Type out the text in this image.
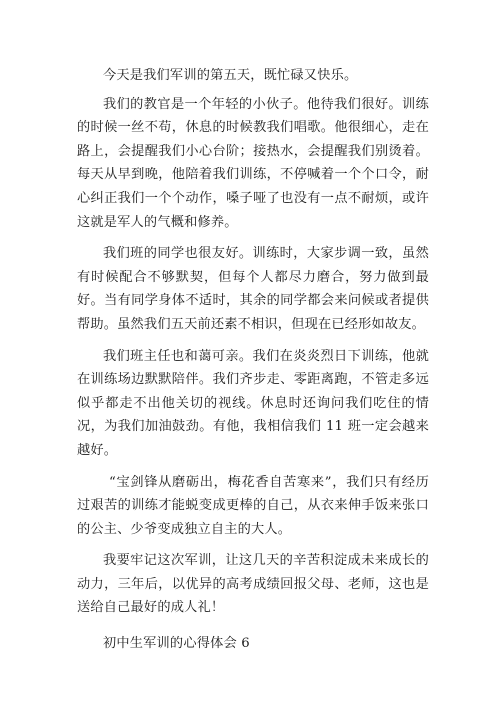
今天是我们军训的第五天，既忙碌又快乐。

我们的教官是一个年轻的小伙子。他待我们很好。训练的时候一丝不苟，休息的时候教我们唱歌。他很细心，走在路上，会提醒我们小心台阶；接热水，会提醒我们别烫着。每天从早到晚，他陪着我们训练，不停喊着一个个口令，耐心纠正我们一个个动作，嗓子哑了也没有一点不耐烦，或许这就是军人的气概和修养。

我们班的同学也很友好。训练时，大家步调一致，虽然有时候配合不够默契，但每个人都尽力磨合，努力做到最好。当有同学身体不适时，其余的同学都会来问候或者提供帮助。虽然我们五天前还素不相识，但现在已经形如故友。

我们班主任也和蔼可亲。我们在炎炎烈日下训练，他就在训练场边默默陪伴。我们齐步走、零距离跑，不管走多远似乎都走不出他关切的视线。休息时还询问我们吃住的情况，为我们加油鼓劲。有他，我相信我们 11 班一定会越来越好。

“宝剑锋从磨砺出，梅花香自苦寒来”，我们只有经历过艰苦的训练才能蜕变成更棒的自己，从衣来伸手饭来张口的公主、少爷变成独立自主的大人。

我要牢记这次军训，让这几天的辛苦积淀成未来成长的动力，三年后，以优异的高考成绩回报父母、老师，这也是送给自己最好的成人礼！

初中生军训的心得体会 6
